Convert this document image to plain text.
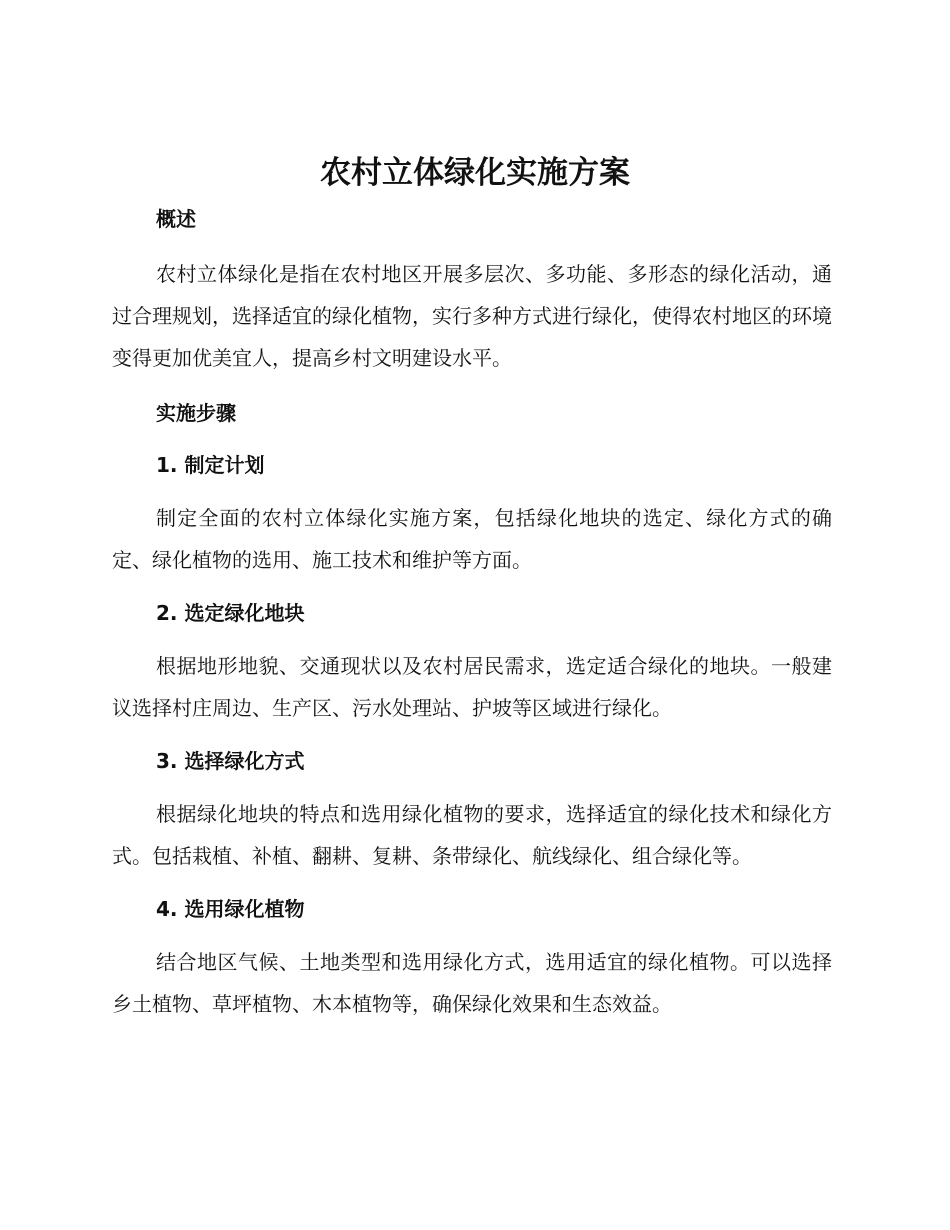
农村立体绿化实施方案
概述

农村立体绿化是指在农村地区开展多层次、多功能、多形态的绿化活动，通过合理规划，选择适宜的绿化植物，实行多种方式进行绿化，使得农村地区的环境变得更加优美宜人，提高乡村文明建设水平。

实施步骤
1. 制定计划

制定全面的农村立体绿化实施方案，包括绿化地块的选定、绿化方式的确定、绿化植物的选用、施工技术和维护等方面。

2. 选定绿化地块

根据地形地貌、交通现状以及农村居民需求，选定适合绿化的地块。一般建议选择村庄周边、生产区、污水处理站、护坡等区域进行绿化。

3. 选择绿化方式

根据绿化地块的特点和选用绿化植物的要求，选择适宜的绿化技术和绿化方式。包括栽植、补植、翻耕、复耕、条带绿化、航线绿化、组合绿化等。

4. 选用绿化植物

结合地区气候、土地类型和选用绿化方式，选用适宜的绿化植物。可以选择乡土植物、草坪植物、木本植物等，确保绿化效果和生态效益。
